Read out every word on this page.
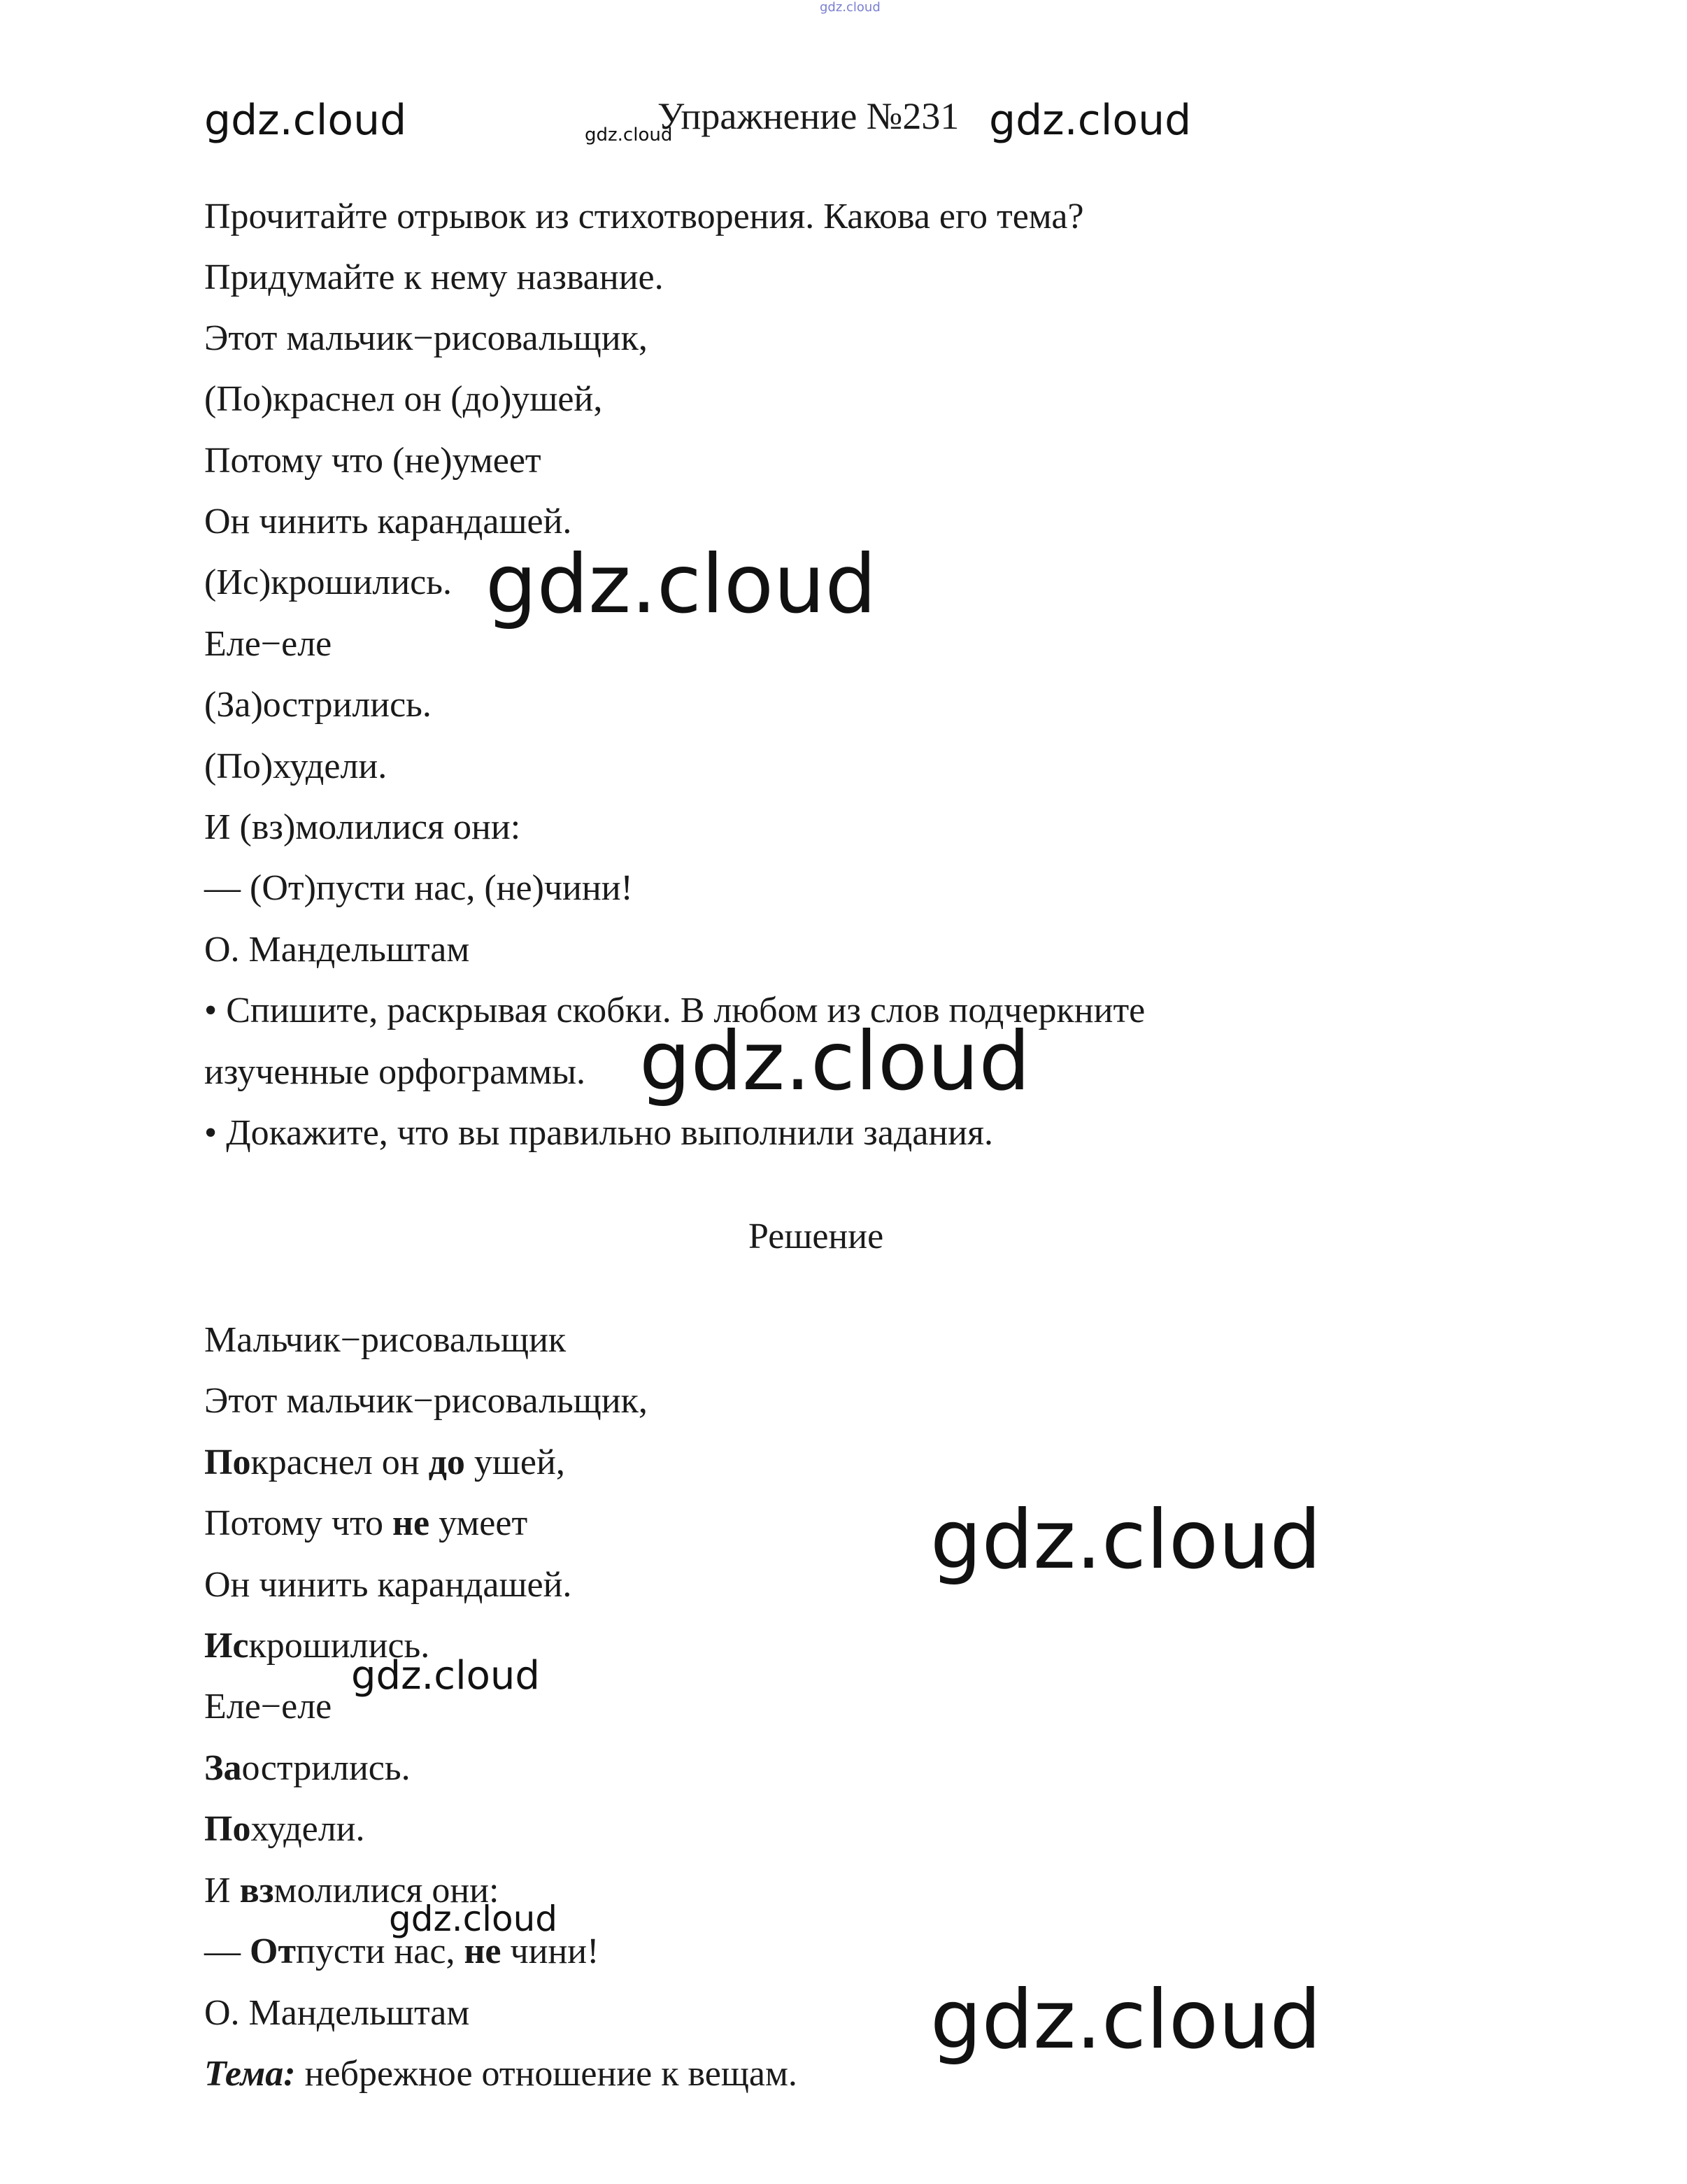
gdz.cloud
gdz.cloud	gdz.cloud
Упражнение №231 gdz.cloud
Прочитайте отрывок из стихотворения. Какова его тема?
Придумайте к нему название.
Этот мальчик−рисовальщик,
(По)краснел он (до)ушей,
Потому что (не)умеет
Он чинить карандашей.
(Ис)крошились.
Еле−еле
(За)острились.
(По)худели.
И (вз)молилися они:
— (От)пусти нас, (не)чини!
О. Мандельштам
• Спишите, раскрывая скобки. В любом из слов подчеркните
изученные орфограммы.
• Докажите, что вы правильно выполнили задания.
gdz.cloud
gdz.cloud
Решение
Мальчик−рисовальщик
Этот мальчик−рисовальщик,
Покраснел он до ушей,
Потому что не умеет
Он чинить карандашей.
Искрошились.
Еле−еле
Заострились.
Похудели.
И взмолилися они:
— Отпусти нас, не чини!
О. Мандельштам
Тема: небрежное отношение к вещам.
gdz.cloud
gdz.cloud
gdz.cloud
gdz.cloud
